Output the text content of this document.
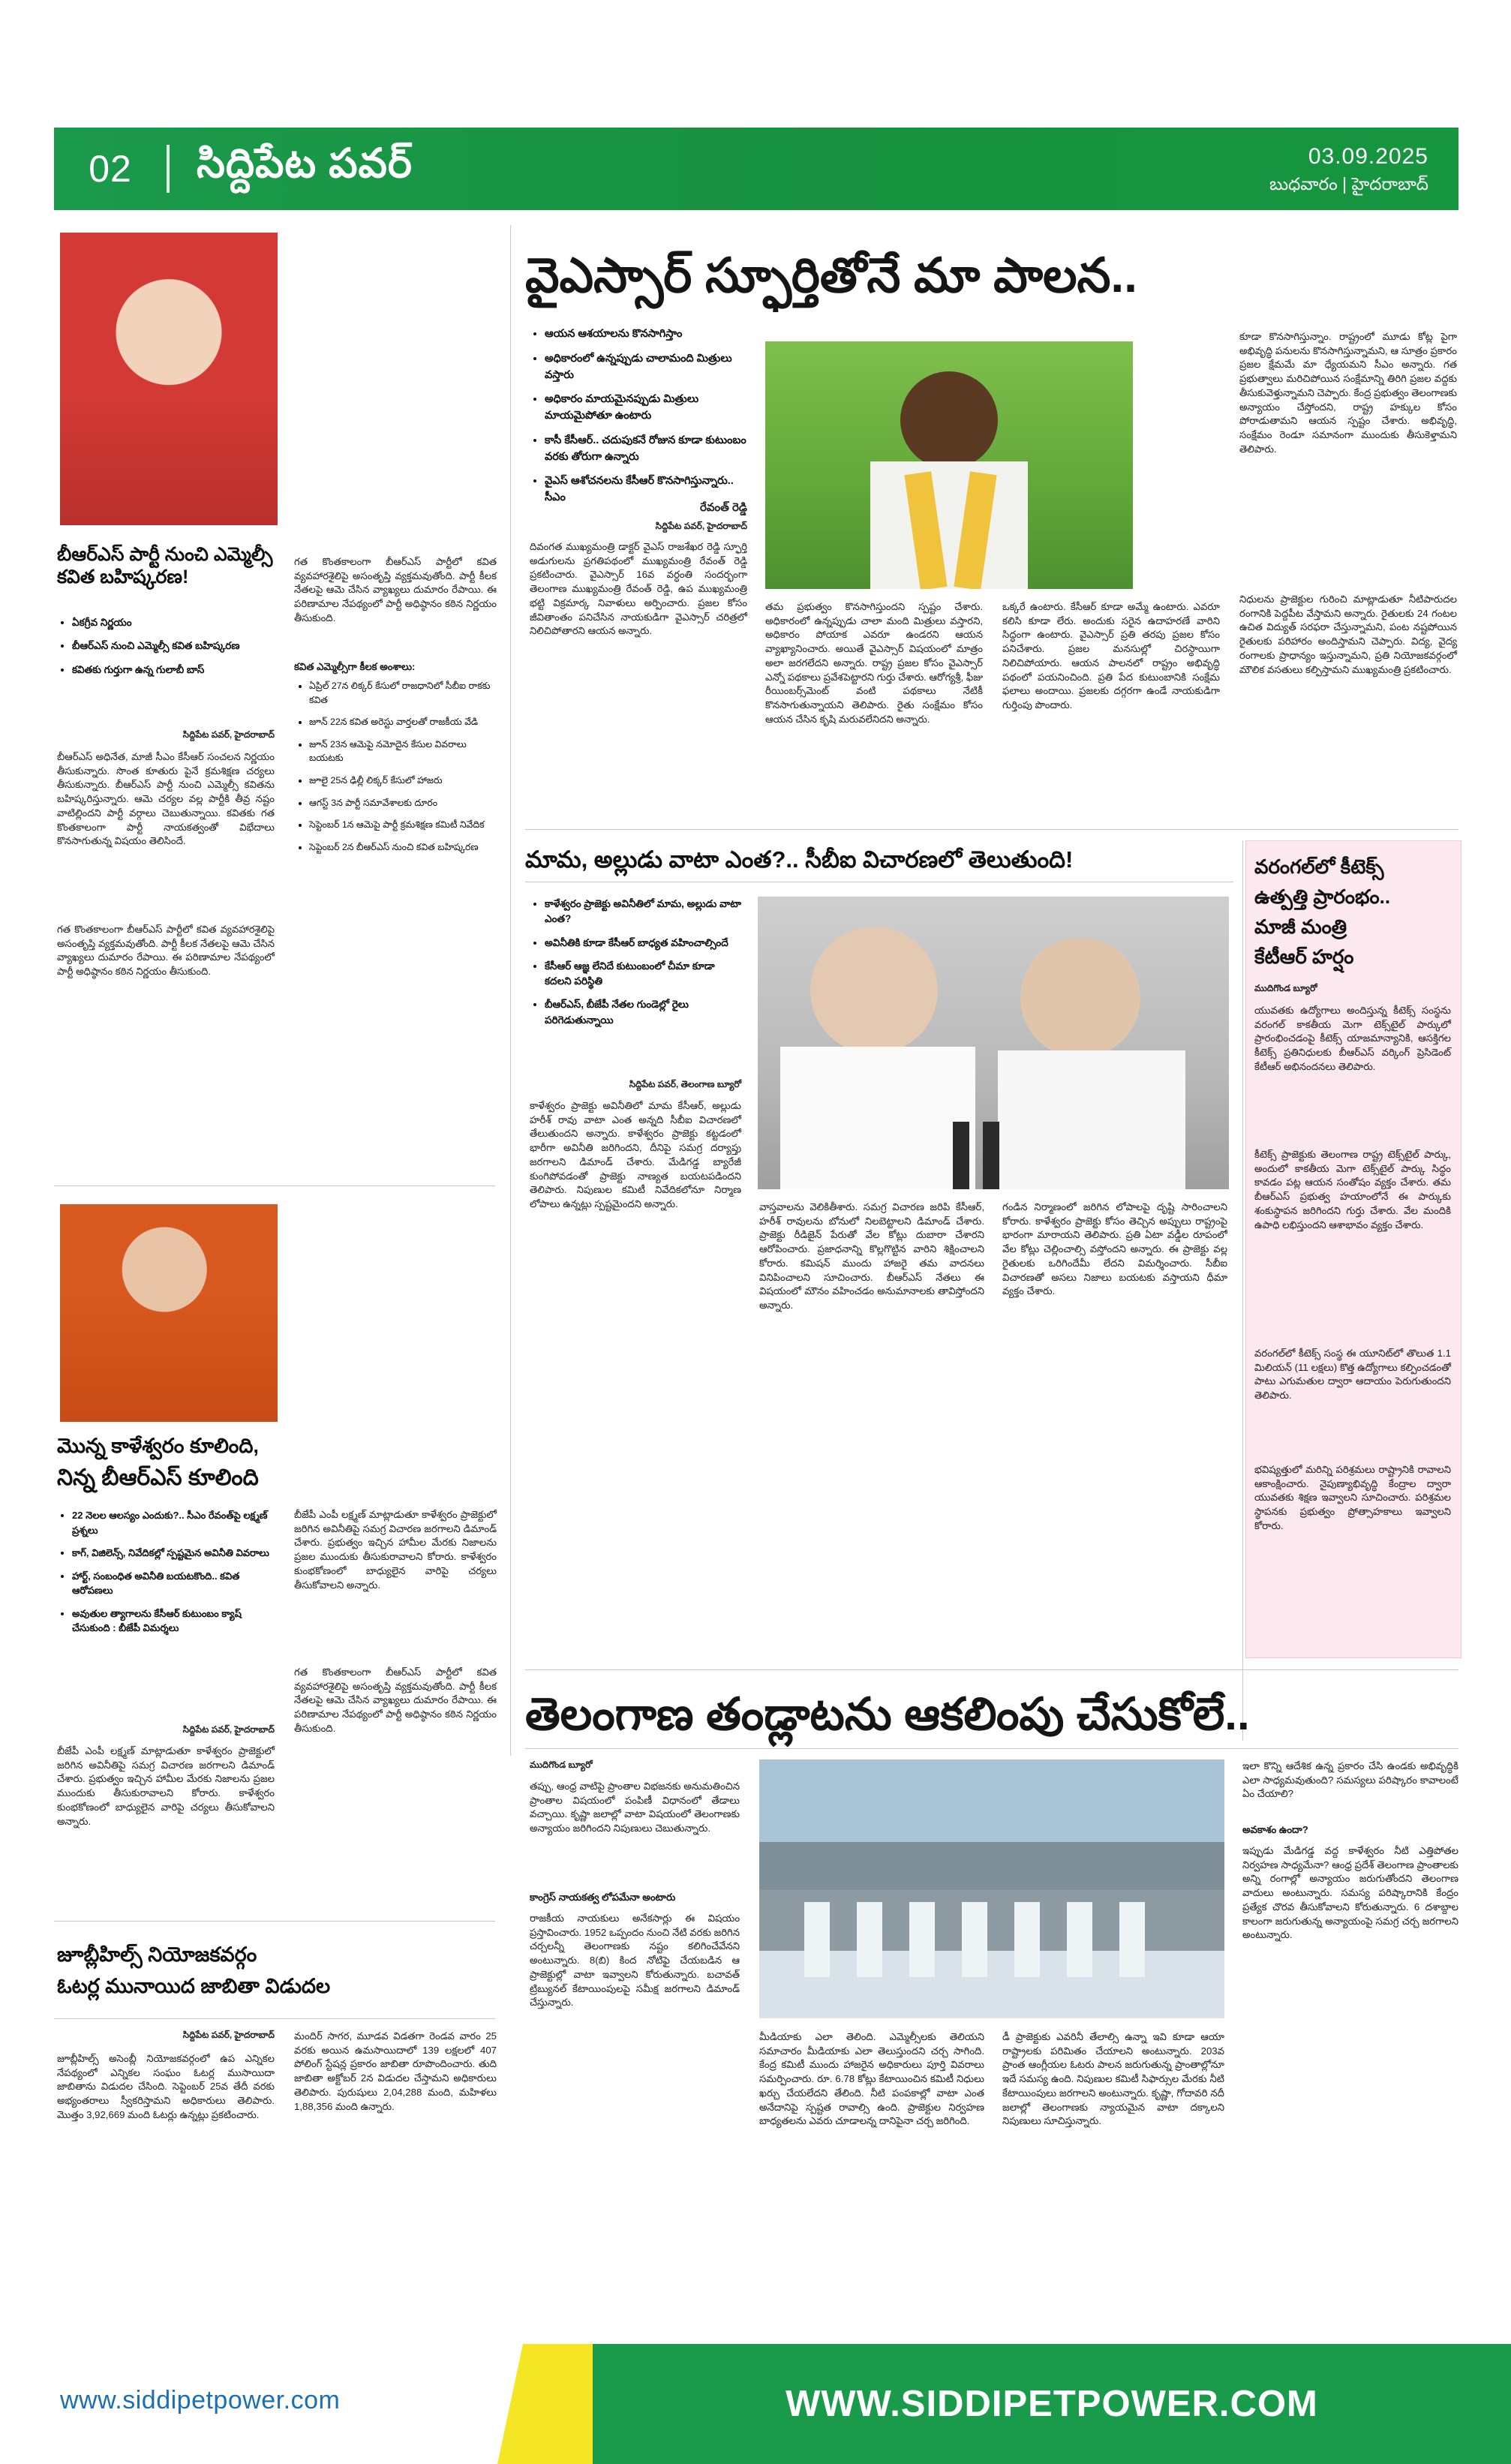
02	సిద్దిపేట పవర్	03.09.2025
బుధవారం | హైదరాబాద్
బీఆర్ఎస్ పార్టీ నుంచి ఎమ్మెల్సీ కవిత బహిష్కరణ!
• ఏకగ్రీవ నిర్ణయం
• బీఆర్ఎస్ నుంచి ఎమ్మెల్సీ కవిత బహిష్కరణ
• కవితకు గుర్తుగా ఉన్న గులాబీ బాస్
సిద్దిపేట పవర్, హైదరాబాద్
బీఆర్ఎస్ అధినేత, మాజీ సీఎం కేసీఆర్ సంచలన నిర్ణయం తీసుకున్నారు. సొంత కూతురు పైనే క్రమశిక్షణ చర్యలు తీసుకున్నారు. బీఆర్ఎస్ పార్టీ నుంచి ఎమ్మెల్సీ కవితను బహిష్కరిస్తున్నారు. ఆమె చర్యల వల్ల పార్టీకి తీవ్ర నష్టం వాటిల్లిందని పార్టీ వర్గాలు చెబుతున్నాయి. కవితకు గత కొంతకాలంగా పార్టీ నాయకత్వంతో విభేదాలు కొనసాగుతున్న విషయం తెలిసిందే.
గత కొంతకాలంగా బీఆర్ఎస్ పార్టీలో కవిత వ్యవహారశైలిపై అసంతృప్తి వ్యక్తమవుతోంది. పార్టీ కీలక నేతలపై ఆమె చేసిన వ్యాఖ్యలు దుమారం రేపాయి. ఈ పరిణామాల నేపథ్యంలో పార్టీ అధిష్ఠానం కఠిన నిర్ణయం తీసుకుంది.
గత కొంతకాలంగా బీఆర్ఎస్ పార్టీలో కవిత వ్యవహారశైలిపై అసంతృప్తి వ్యక్తమవుతోంది. పార్టీ కీలక నేతలపై ఆమె చేసిన వ్యాఖ్యలు దుమారం రేపాయి. ఈ పరిణామాల నేపథ్యంలో పార్టీ అధిష్ఠానం కఠిన నిర్ణయం తీసుకుంది.
కవిత ఎమ్మెల్సీగా కీలక అంశాలు:
• ఏప్రిల్ 27న లిక్కర్ కేసులో రాజధానిలో సీబీఐ రాకకు కవిత
• జూన్ 22న కవిత అరెస్టు వార్తలతో రాజకీయ వేడి
• జూన్ 23న ఆమెపై నమోదైన కేసుల వివరాలు బయటకు
• జూలై 25న ఢిల్లీ లిక్కర్ కేసులో హాజరు
• ఆగస్ట్ 3న పార్టీ సమావేశాలకు దూరం
• సెప్టెంబర్ 1న ఆమెపై పార్టీ క్రమశిక్షణ కమిటీ నివేదిక
• సెప్టెంబర్ 2న బీఆర్ఎస్ నుంచి కవిత బహిష్కరణ
మొన్న కాళేశ్వరం కూలింది,
నిన్న బీఆర్ఎస్ కూలింది
• 22 నెలల ఆలస్యం ఎందుకు?.. సీఎం రేవంత్‌పై లక్ష్మణ్ ప్రశ్నలు
• కాగ్, విజిలెన్స్, నివేదికల్లో స్పష్టమైన అవినీతి వివరాలు
• హార్ట్, సంబంధిత అవినీతి బయటకొంది.. కవిత ఆరోపణలు
• అవుతుల త్యాగాలను కేసీఆర్ కుటుంబం క్యాష్ చేసుకుంది : బీజేపీ విమర్శలు
సిద్దిపేట పవర్, హైదరాబాద్
బీజేపీ ఎంపీ లక్ష్మణ్ మాట్లాడుతూ కాళేశ్వరం ప్రాజెక్టులో జరిగిన అవినీతిపై సమగ్ర విచారణ జరగాలని డిమాండ్ చేశారు. ప్రభుత్వం ఇచ్చిన హామీల మేరకు నిజాలను ప్రజల ముందుకు తీసుకురావాలని కోరారు. కాళేశ్వరం కుంభకోణంలో బాధ్యులైన వారిపై చర్యలు తీసుకోవాలని అన్నారు.
బీజేపీ ఎంపీ లక్ష్మణ్ మాట్లాడుతూ కాళేశ్వరం ప్రాజెక్టులో జరిగిన అవినీతిపై సమగ్ర విచారణ జరగాలని డిమాండ్ చేశారు. ప్రభుత్వం ఇచ్చిన హామీల మేరకు నిజాలను ప్రజల ముందుకు తీసుకురావాలని కోరారు. కాళేశ్వరం కుంభకోణంలో బాధ్యులైన వారిపై చర్యలు తీసుకోవాలని అన్నారు.
గత కొంతకాలంగా బీఆర్ఎస్ పార్టీలో కవిత వ్యవహారశైలిపై అసంతృప్తి వ్యక్తమవుతోంది. పార్టీ కీలక నేతలపై ఆమె చేసిన వ్యాఖ్యలు దుమారం రేపాయి. ఈ పరిణామాల నేపథ్యంలో పార్టీ అధిష్ఠానం కఠిన నిర్ణయం తీసుకుంది.
జూబ్లీహిల్స్ నియోజకవర్గం
ఓటర్ల మునాయిద జాబితా విడుదల
సిద్దిపేట పవర్, హైదరాబాద్
జూబ్లీహిల్స్ అసెంబ్లీ నియోజకవర్గంలో ఉప ఎన్నికల నేపథ్యంలో ఎన్నికల సంఘం ఓటర్ల ముసాయిదా జాబితాను విడుదల చేసింది. సెప్టెంబర్ 25వ తేదీ వరకు అభ్యంతరాలు స్వీకరిస్తామని అధికారులు తెలిపారు. మొత్తం 3,92,669 మంది ఓటర్లు ఉన్నట్లు ప్రకటించారు.
మందిర్ సాగర, మూడవ విడతగా రెండవ వారం 25 వరకు అయిన ఉమసాయిదాలో 139 లక్షలలో 407 పోలింగ్ స్టేషన్ల ప్రకారం జాబితా రూపొందించారు. తుది జాబితా అక్టోబర్ 2న విడుదల చేస్తామని అధికారులు తెలిపారు. పురుషులు 2,04,288 మంది, మహిళలు 1,88,356 మంది ఉన్నారు.
వైఎస్సార్ స్ఫూర్తితోనే మా పాలన..
• ఆయన ఆశయాలను కొనసాగిస్తాం
• అధికారంలో ఉన్నప్పుడు చాలామంది మిత్రులు వస్తారు
• అధికారం మాయమైనప్పుడు మిత్రులు మాయమైపోతూ ఉంటారు
• కాసీ కేసీఆర్.. చదుపుకనే రోజున కూడా కుటుంబం వరకు తోరుగా ఉన్నారు
• వైఎస్ ఆశోచనలను కేసీఆర్ కొనసాగిస్తున్నారు.. సీఎం
రేవంత్ రెడ్డి
సిద్దిపేట పవర్, హైదరాబాద్
దివంగత ముఖ్యమంత్రి డాక్టర్ వైఎస్ రాజశేఖర రెడ్డి స్ఫూర్తి అడుగులను ప్రగతిపథంలో ముఖ్యమంత్రి రేవంత్ రెడ్డి ప్రకటించారు. వైఎస్సార్ 16వ వర్ధంతి సందర్భంగా తెలంగాణ ముఖ్యమంత్రి రేవంత్ రెడ్డి, ఉప ముఖ్యమంత్రి భట్టి విక్రమార్క నివాళులు అర్పించారు. ప్రజల కోసం జీవితాంతం పనిచేసిన నాయకుడిగా వైఎస్సార్ చరిత్రలో నిలిచిపోతారని ఆయన అన్నారు.
తమ ప్రభుత్వం కొనసాగిస్తుందని స్పష్టం చేశారు. అధికారంలో ఉన్నప్పుడు చాలా మంది మిత్రులు వస్తారని, అధికారం పోయాక ఎవరూ ఉండరని ఆయన వ్యాఖ్యానించారు. అయితే వైఎస్సార్ విషయంలో మాత్రం అలా జరగలేదని అన్నారు. రాష్ట్ర ప్రజల కోసం వైఎస్సార్ ఎన్నో పథకాలు ప్రవేశపెట్టారని గుర్తు చేశారు. ఆరోగ్యశ్రీ, ఫీజు రీయింబర్స్‌మెంట్ వంటి పథకాలు నేటికీ కొనసాగుతున్నాయని తెలిపారు. రైతు సంక్షేమం కోసం ఆయన చేసిన కృషి మరువలేనిదని అన్నారు.
ఒక్కరే ఉంటారు. కేసీఆర్ కూడా అమ్మే ఉంటారు. ఎవరూ కలిసి కూడా లేరు. అందుకు సరైన ఉదాహరణే వారిని సిద్ధంగా ఉంటారు. వైఎస్సార్ ప్రతి తరపు ప్రజల కోసం పనిచేశారు. ప్రజల మనసుల్లో చిరస్థాయిగా నిలిచిపోయారు. ఆయన పాలనలో రాష్ట్రం అభివృద్ధి పథంలో పయనించింది. ప్రతి పేద కుటుంబానికి సంక్షేమ ఫలాలు అందాయి. ప్రజలకు దగ్గరగా ఉండే నాయకుడిగా గుర్తింపు పొందారు.
కూడా కొనసాగిస్తున్నాం. రాష్ట్రంలో మూడు కోట్ల పైగా అభివృద్ధి పనులను కొనసాగిస్తున్నామని, ఆ సూత్రం ప్రకారం ప్రజల క్షేమమే మా ధ్యేయమని సీఎం అన్నారు. గత ప్రభుత్వాలు మరిచిపోయిన సంక్షేమాన్ని తిరిగి ప్రజల వద్దకు తీసుకువెళ్తున్నామని చెప్పారు. కేంద్ర ప్రభుత్వం తెలంగాణకు అన్యాయం చేస్తోందని, రాష్ట్ర హక్కుల కోసం పోరాడుతామని ఆయన స్పష్టం చేశారు. అభివృద్ధి, సంక్షేమం రెండూ సమానంగా ముందుకు తీసుకెళ్తామని తెలిపారు.
నిధులను ప్రాజెక్టుల గురించి మాట్లాడుతూ నీటిపారుదల రంగానికి పెద్దపీట వేస్తామని అన్నారు. రైతులకు 24 గంటల ఉచిత విద్యుత్ సరఫరా చేస్తున్నామని, పంట నష్టపోయిన రైతులకు పరిహారం అందిస్తామని చెప్పారు. విద్య, వైద్య రంగాలకు ప్రాధాన్యం ఇస్తున్నామని, ప్రతి నియోజకవర్గంలో మౌలిక వసతులు కల్పిస్తామని ముఖ్యమంత్రి ప్రకటించారు.
మామ, అల్లుడు వాటా ఎంత?.. సీబీఐ విచారణలో తెలుతుంది!
• కాళేశ్వరం ప్రాజెక్టు అవినీతిలో మామ, అల్లుడు వాటా ఎంత?
• అవినీతికి కూడా కేసీఆర్ బాధ్యత వహించాల్సిందే
• కేసీఆర్ ఆజ్ఞ లేనిదే కుటుంబంలో చీమా కూడా కదలని పరిస్థితి
• బీఆర్ఎస్, బీజేపీ నేతల గుండెల్లో రైలు పరిగెడుతున్నాయి
సిద్దిపేట పవర్, తెలంగాణ బ్యూరో
కాళేశ్వరం ప్రాజెక్టు అవినీతిలో మామ కేసీఆర్, అల్లుడు హరీశ్ రావు వాటా ఎంత అన్నది సీబీఐ విచారణలో తేలుతుందని అన్నారు. కాళేశ్వరం ప్రాజెక్టు కట్టడంలో భారీగా అవినీతి జరిగిందని, దీనిపై సమగ్ర దర్యాప్తు జరగాలని డిమాండ్ చేశారు. మేడిగడ్డ బ్యారేజీ కుంగిపోవడంతో ప్రాజెక్టు నాణ్యత బయటపడిందని తెలిపారు. నిపుణుల కమిటీ నివేదికలోనూ నిర్మాణ లోపాలు ఉన్నట్లు స్పష్టమైందని అన్నారు.	వాస్తవాలను వెలికితీశారు. సమగ్ర విచారణ జరిపి కేసీఆర్, హరీశ్ రావులను బోనులో నిలబెట్టాలని డిమాండ్ చేశారు. ప్రాజెక్టు రీడిజైన్ పేరుతో వేల కోట్లు దుబారా చేశారని ఆరోపించారు. ప్రజాధనాన్ని కొల్లగొట్టిన వారిని శిక్షించాలని కోరారు. కమిషన్ ముందు హాజరై తమ వాదనలు వినిపించాలని సూచించారు. బీఆర్ఎస్ నేతలు ఈ విషయంలో మౌనం వహించడం అనుమానాలకు తావిస్తోందని అన్నారు.
గండిన నిర్మాణంలో జరిగిన లోపాలపై దృష్టి సారించాలని కోరారు. కాళేశ్వరం ప్రాజెక్టు కోసం తెచ్చిన అప్పులు రాష్ట్రంపై భారంగా మారాయని తెలిపారు. ప్రతి ఏటా వడ్డీల రూపంలో వేల కోట్లు చెల్లించాల్సి వస్తోందని అన్నారు. ఈ ప్రాజెక్టు వల్ల రైతులకు ఒరిగిందేమీ లేదని విమర్శించారు. సీబీఐ విచారణతో అసలు నిజాలు బయటకు వస్తాయని ధీమా వ్యక్తం చేశారు.
వరంగల్‌లో కీటెక్స్
ఉత్పత్తి ప్రారంభం..
మాజీ మంత్రి
కేటీఆర్ హర్షం
ముదిగొండ బ్యూరో
యువతకు ఉద్యోగాలు అందిస్తున్న కీటెక్స్ సంస్థను వరంగల్ కాకతీయ మెగా టెక్స్‌టైల్ పార్కులో ప్రారంభించడంపై కీటెక్స్ యాజమాన్యానికి, ఆసక్తిగల కీటెక్స్ ప్రతినిధులకు బీఆర్ఎస్ వర్కింగ్ ప్రెసిడెంట్ కేటీఆర్ అభినందనలు తెలిపారు.
కీటెక్స్ ప్రాజెక్టుకు తెలంగాణ రాష్ట్ర టెక్స్‌టైల్ పార్కు, అందులో కాకతీయ మెగా టెక్స్‌టైల్ పార్కు సిద్ధం కావడం పట్ల ఆయన సంతోషం వ్యక్తం చేశారు. తమ బీఆర్ఎస్ ప్రభుత్వ హయాంలోనే ఈ పార్కుకు శంకుస్థాపన జరిగిందని గుర్తు చేశారు. వేల మందికి ఉపాధి లభిస్తుందని ఆశాభావం వ్యక్తం చేశారు.
వరంగల్‌లో కీటెక్స్ సంస్థ ఈ యూనిట్‌లో తొలుత 1.1 మిలియన్ (11 లక్షలు) కొత్త ఉద్యోగాలు కల్పించడంతో పాటు ఎగుమతుల ద్వారా ఆదాయం పెరుగుతుందని తెలిపారు.
భవిష్యత్తులో మరిన్ని పరిశ్రమలు రాష్ట్రానికి రావాలని ఆకాంక్షించారు. నైపుణ్యాభివృద్ధి కేంద్రాల ద్వారా యువతకు శిక్షణ ఇవ్వాలని సూచించారు. పరిశ్రమల స్థాపనకు ప్రభుత్వం ప్రోత్సాహకాలు ఇవ్వాలని కోరారు.
తెలంగాణ తండ్లాటను ఆకలింపు చేసుకోలే..
ముదిగొండ బ్యూరో
తప్పు, ఆంధ్ర వాటిపై ప్రాంతాల విభజనకు అనుమతించిన ప్రాంతాల విషయంలో పంపిణీ విధానంలో తేడాలు వచ్చాయి. కృష్ణా జలాల్లో వాటా విషయంలో తెలంగాణకు అన్యాయం జరిగిందని నిపుణులు చెబుతున్నారు.
కాంగ్రెస్ నాయకత్వ లోపమేనా అంటారు
రాజకీయ నాయకులు అనేకసార్లు ఈ విషయం ప్రస్తావించారు. 1952 ఒప్పందం నుంచి నేటి వరకు జరిగిన చర్చలన్నీ తెలంగాణకు నష్టం కలిగించేవేనని అంటున్నారు. 8(బి) కింద నోటిఫై చేయబడిన ఆ ప్రాజెక్టుల్లో వాటా ఇవ్వాలని కోరుతున్నారు. బచావత్ ట్రిబ్యునల్ కేటాయింపులపై సమీక్ష జరగాలని డిమాండ్ చేస్తున్నారు.
మీడియాకు ఎలా తెలింది. ఎమ్మెల్సీలకు తెలియని సమాచారం మీడియాకు ఎలా తెలుస్తుందని చర్చ సాగింది. కేంద్ర కమిటీ ముందు హాజరైన అధికారులు పూర్తి వివరాలు సమర్పించారు. రూ. 6.78 కోట్లు కేటాయించిన కమిటీ నిధులు ఖర్చు చేయలేదని తేలింది. నీటి పంపకాల్లో వాటా ఎంత అనేదానిపై స్పష్టత రావాల్సి ఉంది. ప్రాజెక్టుల నిర్వహణ బాధ్యతలను ఎవరు చూడాలన్న దానిపైనా చర్చ జరిగింది.
డీ ప్రాజెక్టుకు ఎవరినీ తేలాల్సి ఉన్నా ఇవి కూడా ఆయా రాష్ట్రాలకు పరిమితం చేయాలని అంటున్నారు. 203వ ప్రాంత ఆంగ్లీయల ఓటరు పాలన జరుగుతున్న ప్రాంతాల్లోనూ ఇదే సమస్య ఉంది. నిపుణుల కమిటీ సిఫార్సుల మేరకు నీటి కేటాయింపులు జరగాలని అంటున్నారు. కృష్ణా, గోదావరి నదీ జలాల్లో తెలంగాణకు న్యాయమైన వాటా దక్కాలని నిపుణులు సూచిస్తున్నారు.
ఇలా కొన్ని ఆదేశిక ఉన్న ప్రకారం చేసి ఉండకు అభివృద్ధికి ఎలా సాధ్యమవుతుంది? సమస్యలు పరిష్కారం కావాలంటే ఏం చేయాలి?
అవకాశం ఉందా?
ఇప్పుడు మేడిగడ్డ వద్ద కాళేశ్వరం నీటి ఎత్తిపోతల నిర్వహణ సాధ్యమేనా? ఆంధ్ర ప్రదేశ్ తెలంగాణ ప్రాంతాలకు అన్ని రంగాల్లో అన్యాయం జరుగుతోందని తెలంగాణ వాదులు అంటున్నారు. సమస్య పరిష్కారానికి కేంద్రం ప్రత్యేక చొరవ తీసుకోవాలని కోరుతున్నారు. 6 దశాబ్దాల కాలంగా జరుగుతున్న అన్యాయంపై సమగ్ర చర్చ జరగాలని అంటున్నారు.
www.siddipetpower.com	WWW.SIDDIPETPOWER.COM
